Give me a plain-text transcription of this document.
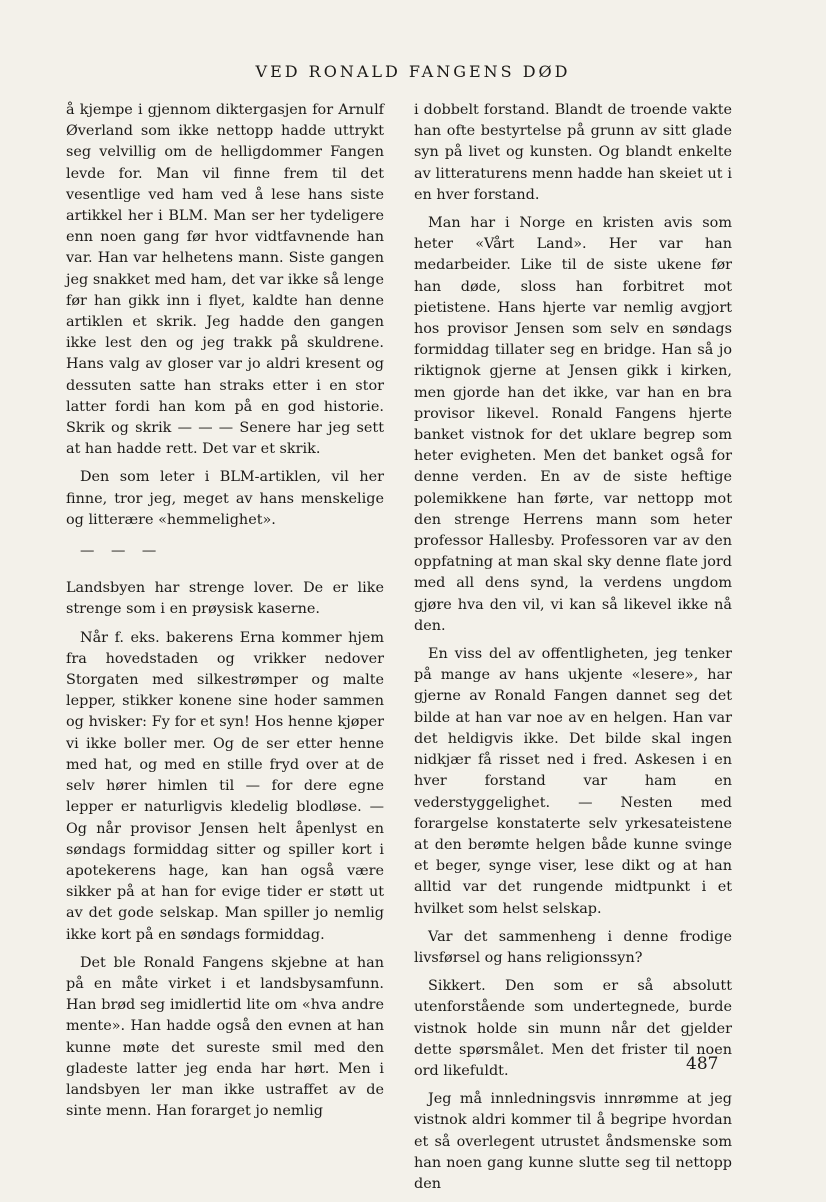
VED RONALD FANGENS DØD

å kjempe i gjennom diktergasjen for Arnulf Øverland som ikke nettopp hadde uttrykt seg velvillig om de helligdommer Fangen levde for. Man vil finne frem til det vesentlige ved ham ved å lese hans siste artikkel her i BLM. Man ser her tydeligere enn noen gang før hvor vidtfavnende han var. Han var helhetens mann. Siste gangen jeg snakket med ham, det var ikke så lenge før han gikk inn i flyet, kaldte han denne artiklen et skrik. Jeg hadde den gangen ikke lest den og jeg trakk på skuldrene. Hans valg av gloser var jo aldri kresent og dessuten satte han straks etter i en stor latter fordi han kom på en god historie. Skrik og skrik — — — Senere har jeg sett at han hadde rett. Det var et skrik.

Den som leter i BLM-artiklen, vil her finne, tror jeg, meget av hans menskelige og litterære «hemmelighet».

— — —

Landsbyen har strenge lover. De er like strenge som i en prøysisk kaserne.

Når f. eks. bakerens Erna kommer hjem fra hovedstaden og vrikker nedover Storgaten med silkestrømper og malte lepper, stikker konene sine hoder sammen og hvisker: Fy for et syn! Hos henne kjøper vi ikke boller mer. Og de ser etter henne med hat, og med en stille fryd over at de selv hører himlen til — for dere egne lepper er naturligvis kledelig blodløse. — Og når provisor Jensen helt åpenlyst en søndags formiddag sitter og spiller kort i apotekerens hage, kan han også være sikker på at han for evige tider er støtt ut av det gode selskap. Man spiller jo nemlig ikke kort på en søndags formiddag.

Det ble Ronald Fangens skjebne at han på en måte virket i et landsbysamfunn. Han brød seg imidlertid lite om «hva andre mente». Han hadde også den evnen at han kunne møte det sureste smil med den gladeste latter jeg enda har hørt. Men i landsbyen ler man ikke ustraffet av de sinte menn. Han forarget jo nemlig

i dobbelt forstand. Blandt de troende vakte han ofte bestyrtelse på grunn av sitt glade syn på livet og kunsten. Og blandt enkelte av litteraturens menn hadde han skeiet ut i en hver forstand.

Man har i Norge en kristen avis som heter «Vårt Land». Her var han medarbeider. Like til de siste ukene før han døde, sloss han forbitret mot pietistene. Hans hjerte var nemlig avgjort hos provisor Jensen som selv en søndags formiddag tillater seg en bridge. Han så jo riktignok gjerne at Jensen gikk i kirken, men gjorde han det ikke, var han en bra provisor likevel. Ronald Fangens hjerte banket vistnok for det uklare begrep som heter evigheten. Men det banket også for denne verden. En av de siste heftige polemikkene han førte, var nettopp mot den strenge Herrens mann som heter professor Hallesby. Professoren var av den oppfatning at man skal sky denne flate jord med all dens synd, la verdens ungdom gjøre hva den vil, vi kan så likevel ikke nå den.

En viss del av offentligheten, jeg tenker på mange av hans ukjente «lesere», har gjerne av Ronald Fangen dannet seg det bilde at han var noe av en helgen. Han var det heldigvis ikke. Det bilde skal ingen nidkjær få risset ned i fred. Askesen i en hver forstand var ham en vederstyggelighet. — Nesten med forargelse konstaterte selv yrkesateistene at den berømte helgen både kunne svinge et beger, synge viser, lese dikt og at han alltid var det rungende midtpunkt i et hvilket som helst selskap.

Var det sammenheng i denne frodige livsførsel og hans religionssyn?

Sikkert. Den som er så absolutt utenforstående som undertegnede, burde vistnok holde sin munn når det gjelder dette spørsmålet. Men det frister til noen ord likefuldt.

Jeg må innledningsvis innrømme at jeg vistnok aldri kommer til å begripe hvordan et så overlegent utrustet åndsmenske som han noen gang kunne slutte seg til nettopp den

487
